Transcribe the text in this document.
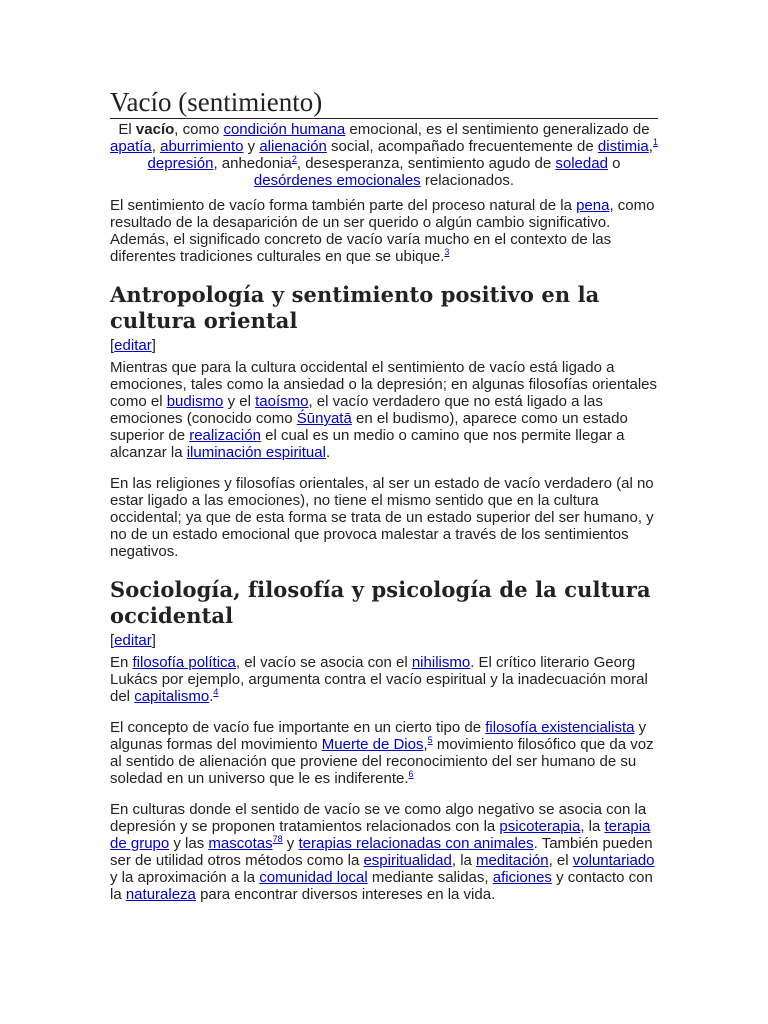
Vacío (sentimiento)

El vacío, como condición humana emocional, es el sentimiento generalizado de apatía, aburrimiento y alienación social, acompañado frecuentemente de distimia,$^1$ depresión, anhedonia$^2$, desesperanza, sentimiento agudo de soledad o desórdenes emocionales relacionados.

El sentimiento de vacío forma también parte del proceso natural de la pena, como resultado de la desaparición de un ser querido o algún cambio significativo. Además, el significado concreto de vacío varía mucho en el contexto de las diferentes tradiciones culturales en que se ubique.$^3$

Antropología y sentimiento positivo en la cultura oriental
[editar]

Mientras que para la cultura occidental el sentimiento de vacío está ligado a emociones, tales como la ansiedad o la depresión; en algunas filosofías orientales como el budismo y el taoísmo, el vacío verdadero que no está ligado a las emociones (conocido como Śūnyatā en el budismo), aparece como un estado superior de realización el cual es un medio o camino que nos permite llegar a alcanzar la iluminación espiritual.

En las religiones y filosofías orientales, al ser un estado de vacío verdadero (al no estar ligado a las emociones), no tiene el mismo sentido que en la cultura occidental; ya que de esta forma se trata de un estado superior del ser humano, y no de un estado emocional que provoca malestar a través de los sentimientos negativos.

Sociología, filosofía y psicología de la cultura occidental
[editar]

En filosofía política, el vacío se asocia con el nihilismo. El crítico literario Georg Lukács por ejemplo, argumenta contra el vacío espiritual y la inadecuación moral del capitalismo.$^4$

El concepto de vacío fue importante en un cierto tipo de filosofía existencialista y algunas formas del movimiento Muerte de Dios,$^5$ movimiento filosófico que da voz al sentido de alienación que proviene del reconocimiento del ser humano de su soledad en un universo que le es indiferente.$^6$

En culturas donde el sentido de vacío se ve como algo negativo se asocia con la depresión y se proponen tratamientos relacionados con la psicoterapia, la terapia de grupo y las mascotas$^{78}$ y terapias relacionadas con animales. También pueden ser de utilidad otros métodos como la espiritualidad, la meditación, el voluntariado y la aproximación a la comunidad local mediante salidas, aficiones y contacto con la naturaleza para encontrar diversos intereses en la vida.
